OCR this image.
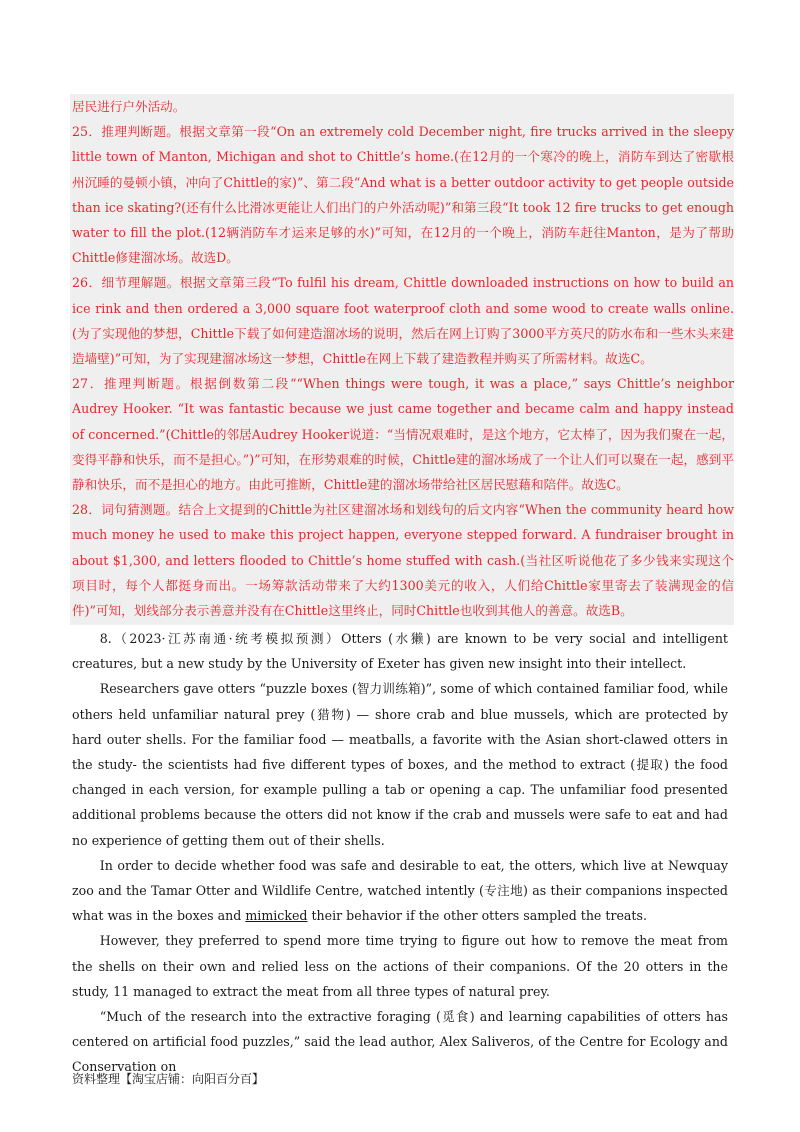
居民进行户外活动。

25．推理判断题。根据文章第一段“On an extremely cold December night, fire trucks arrived in the sleepy little town of Manton, Michigan and shot to Chittle’s home.(在12月的一个寒冷的晚上，消防车到达了密歇根州沉睡的曼顿小镇，冲向了Chittle的家)”、第二段“And what is a better outdoor activity to get people outside than ice skating?(还有什么比滑冰更能让人们出门的户外活动呢)”和第三段“It took 12 fire trucks to get enough water to fill the plot.(12辆消防车才运来足够的水)”可知，在12月的一个晚上，消防车赶往Manton，是为了帮助Chittle修建溜冰场。故选D。

26．细节理解题。根据文章第三段“To fulfil his dream, Chittle downloaded instructions on how to build an ice rink and then ordered a 3,000 square foot waterproof cloth and some wood to create walls online.(为了实现他的梦想，Chittle下载了如何建造溜冰场的说明，然后在网上订购了3000平方英尺的防水布和一些木头来建造墙壁)”可知，为了实现建溜冰场这一梦想，Chittle在网上下载了建造教程并购买了所需材料。故选C。

27．推理判断题。根据倒数第二段““When things were tough, it was a place,” says Chittle’s neighbor Audrey Hooker. “It was fantastic because we just came together and became calm and happy instead of concerned.”(Chittle的邻居Audrey Hooker说道：“当情况艰难时，是这个地方，它太棒了，因为我们聚在一起，变得平静和快乐，而不是担心。”)”可知，在形势艰难的时候，Chittle建的溜冰场成了一个让人们可以聚在一起，感到平静和快乐，而不是担心的地方。由此可推断，Chittle建的溜冰场带给社区居民慰藉和陪伴。故选C。

28．词句猜测题。结合上文提到的Chittle为社区建溜冰场和划线句的后文内容“When the community heard how much money he used to make this project happen, everyone stepped forward. A fundraiser brought in about $1,300, and letters flooded to Chittle’s home stuffed with cash.(当社区听说他花了多少钱来实现这个项目时，每个人都挺身而出。一场筹款活动带来了大约1300美元的收入，人们给Chittle家里寄去了装满现金的信件)”可知，划线部分表示善意并没有在Chittle这里终止，同时Chittle也收到其他人的善意。故选B。

8.（2023·江苏南通·统考模拟预测）Otters (水獭) are known to be very social and intelligent creatures, but a new study by the University of Exeter has given new insight into their intellect.

Researchers gave otters “puzzle boxes (智力训练箱)”, some of which contained familiar food, while others held unfamiliar natural prey (猎物) — shore crab and blue mussels, which are protected by hard outer shells. For the familiar food — meatballs, a favorite with the Asian short-clawed otters in the study- the scientists had five different types of boxes, and the method to extract (提取) the food changed in each version, for example pulling a tab or opening a cap. The unfamiliar food presented additional problems because the otters did not know if the crab and mussels were safe to eat and had no experience of getting them out of their shells.

In order to decide whether food was safe and desirable to eat, the otters, which live at Newquay zoo and the Tamar Otter and Wildlife Centre, watched intently (专注地) as their companions inspected what was in the boxes and mimicked their behavior if the other otters sampled the treats.

However, they preferred to spend more time trying to figure out how to remove the meat from the shells on their own and relied less on the actions of their companions. Of the 20 otters in the study, 11 managed to extract the meat from all three types of natural prey.

“Much of the research into the extractive foraging (觅食) and learning capabilities of otters has centered on artificial food puzzles,” said the lead author, Alex Saliveros, of the Centre for Ecology and Conservation on

资料整理【淘宝店铺：向阳百分百】
